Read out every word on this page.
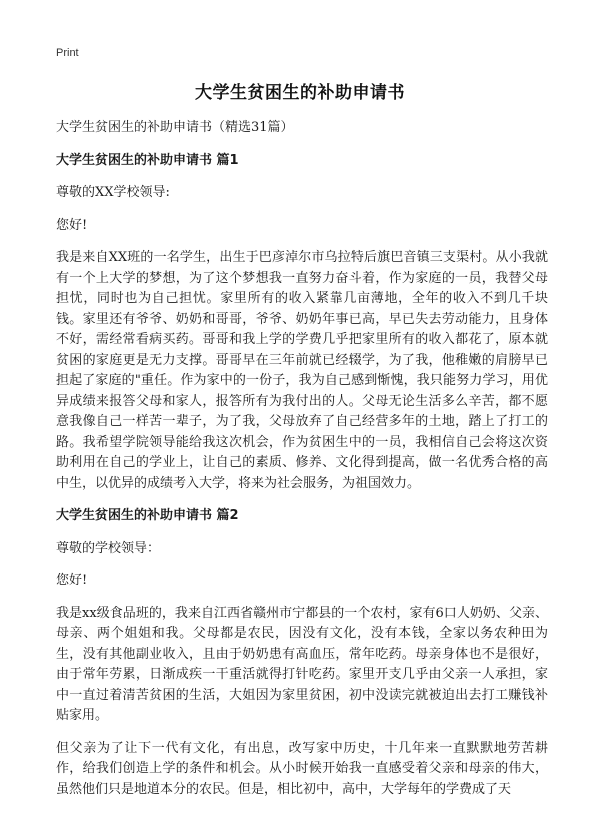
Print
大学生贫困生的补助申请书

大学生贫困生的补助申请书（精选31篇）

大学生贫困生的补助申请书 篇1

尊敬的XX学校领导:

您好!

我是来自XX班的一名学生，出生于巴彦淖尔市乌拉特后旗巴音镇三支渠村。从小我就有一个上大学的梦想，为了这个梦想我一直努力奋斗着，作为家庭的一员，我替父母担忧，同时也为自己担忧。家里所有的收入紧靠几亩薄地，全年的收入不到几千块钱。家里还有爷爷、奶奶和哥哥，爷爷、奶奶年事已高，早已失去劳动能力，且身体不好，需经常看病买药。哥哥和我上学的学费几乎把家里所有的收入都花了，原本就贫困的家庭更是无力支撑。哥哥早在三年前就已经辍学，为了我，他稚嫩的肩膀早已担起了家庭的"重任。作为家中的一份子，我为自己感到惭愧，我只能努力学习，用优异成绩来报答父母和家人，报答所有为我付出的人。父母无论生活多么辛苦，都不愿意我像自己一样苦一辈子，为了我，父母放弃了自己经营多年的土地，踏上了打工的路。我希望学院领导能给我这次机会，作为贫困生中的一员，我相信自己会将这次资助利用在自己的学业上，让自己的素质、修养、文化得到提高，做一名优秀合格的高中生，以优异的成绩考入大学，将来为社会服务，为祖国效力。

大学生贫困生的补助申请书 篇2

尊敬的学校领导：

您好!

我是xx级食品班的，我来自江西省赣州市宁都县的一个农村，家有6口人奶奶、父亲、母亲、两个姐姐和我。父母都是农民，因没有文化，没有本钱，全家以务农种田为生，没有其他副业收入，且由于奶奶患有高血压，常年吃药。母亲身体也不是很好，由于常年劳累，日渐成疾一干重活就得打针吃药。家里开支几乎由父亲一人承担，家中一直过着清苦贫困的生活，大姐因为家里贫困，初中没读完就被迫出去打工赚钱补贴家用。

但父亲为了让下一代有文化，有出息，改写家中历史，十几年来一直默默地劳苦耕作，给我们创造上学的条件和机会。从小时候开始我一直感受着父亲和母亲的伟大，虽然他们只是地道本分的农民。但是，相比初中，高中，大学每年的学费成了天
